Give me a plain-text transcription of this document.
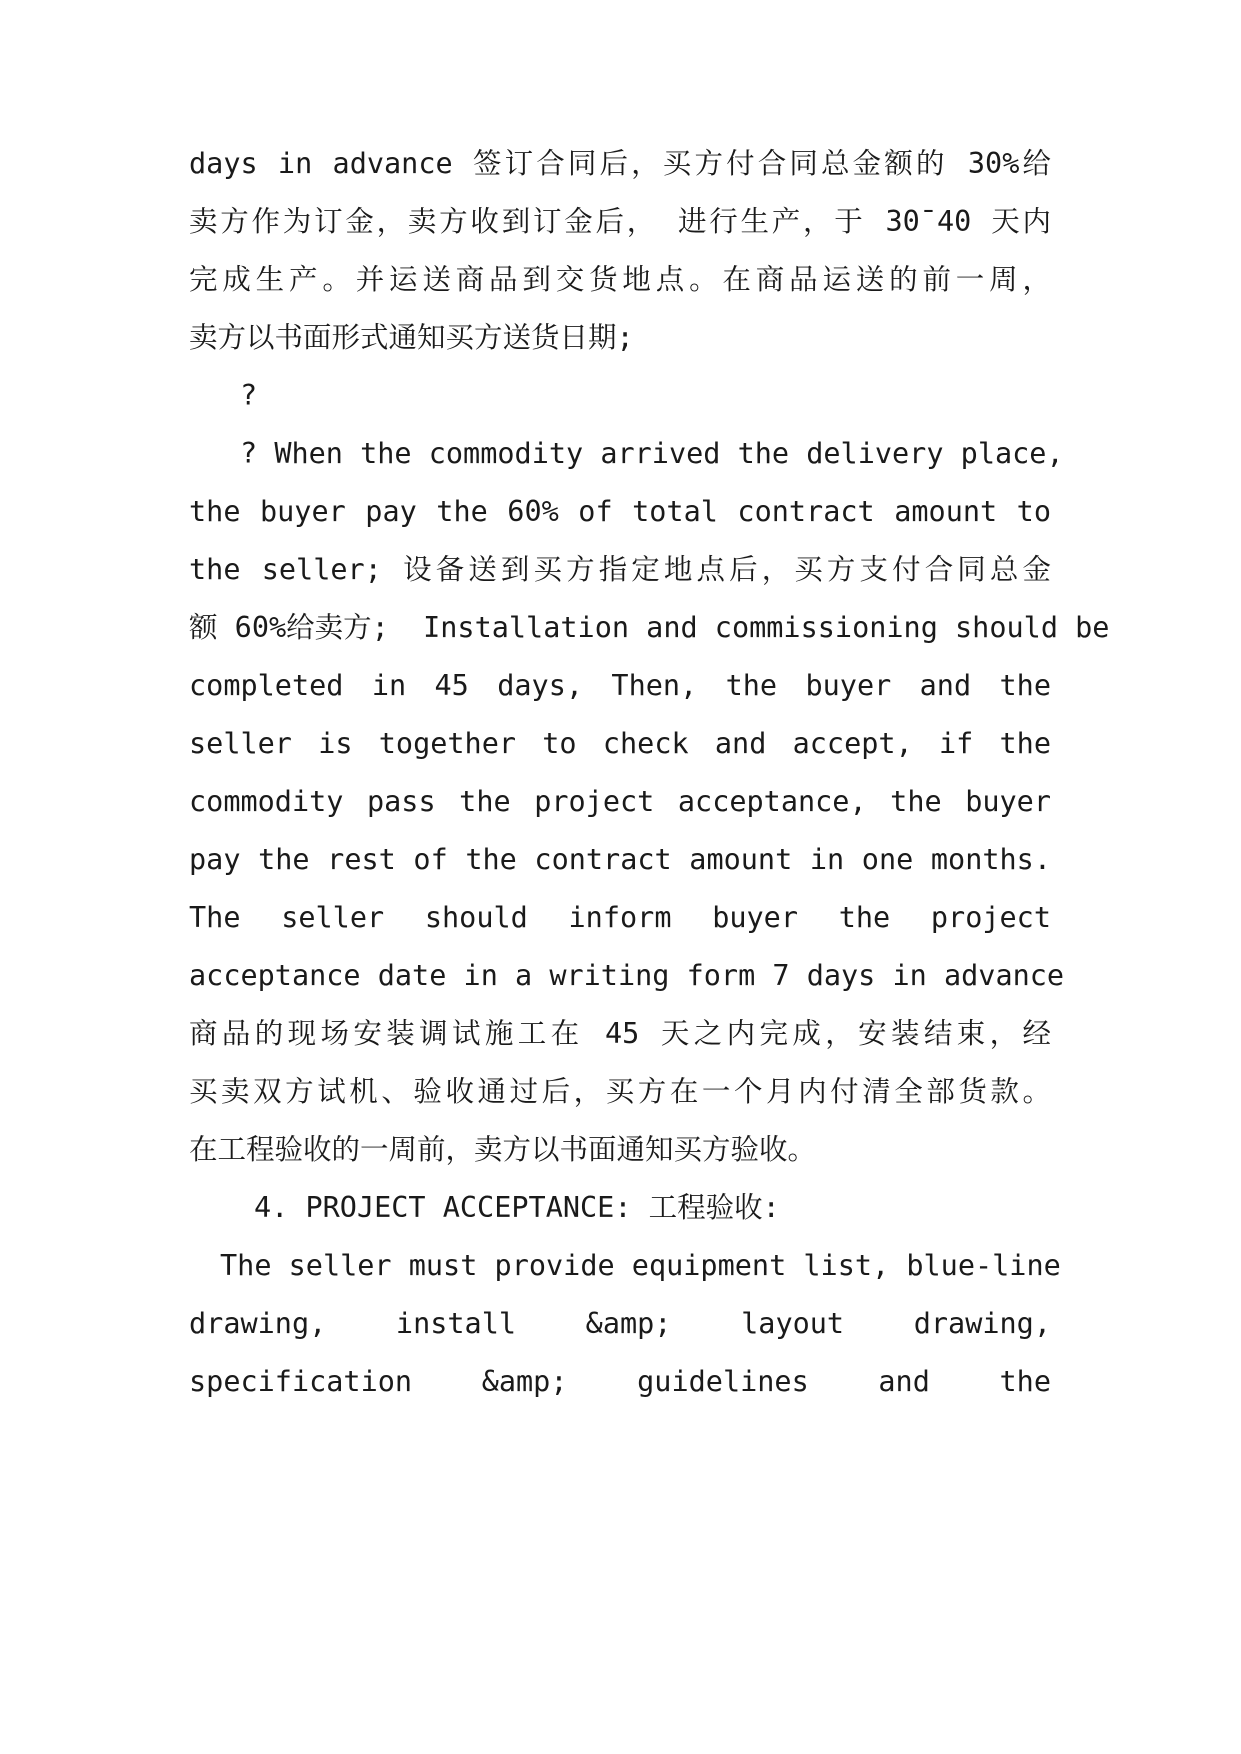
days in advance 签订合同后，买方付合同总金额的 30%给
卖方作为订金，卖方收到订金后， 进行生产，于 30¯40 天内
完成生产。并运送商品到交货地点。在商品运送的前一周，
卖方以书面形式通知买方送货日期;
?
? When the commodity arrived the delivery place,
the buyer pay the 60% of total contract amount to
the seller; 设备送到买方指定地点后，买方支付合同总金
额 60%给卖方;  Installation and commissioning should be
completed in 45 days, Then, the buyer and the
seller is together to check and accept, if the
commodity pass the project acceptance, the buyer
pay the rest of the contract amount in one months.
The seller should inform buyer the project
acceptance date in a writing form 7 days in advance
商品的现场安装调试施工在 45 天之内完成，安装结束，经
买卖双方试机、验收通过后，买方在一个月内付清全部货款。
在工程验收的一周前，卖方以书面通知买方验收。
4. PROJECT ACCEPTANCE: 工程验收:
The seller must provide equipment list, blue-line
drawing, install &amp; layout drawing,
specification &amp; guidelines and the
